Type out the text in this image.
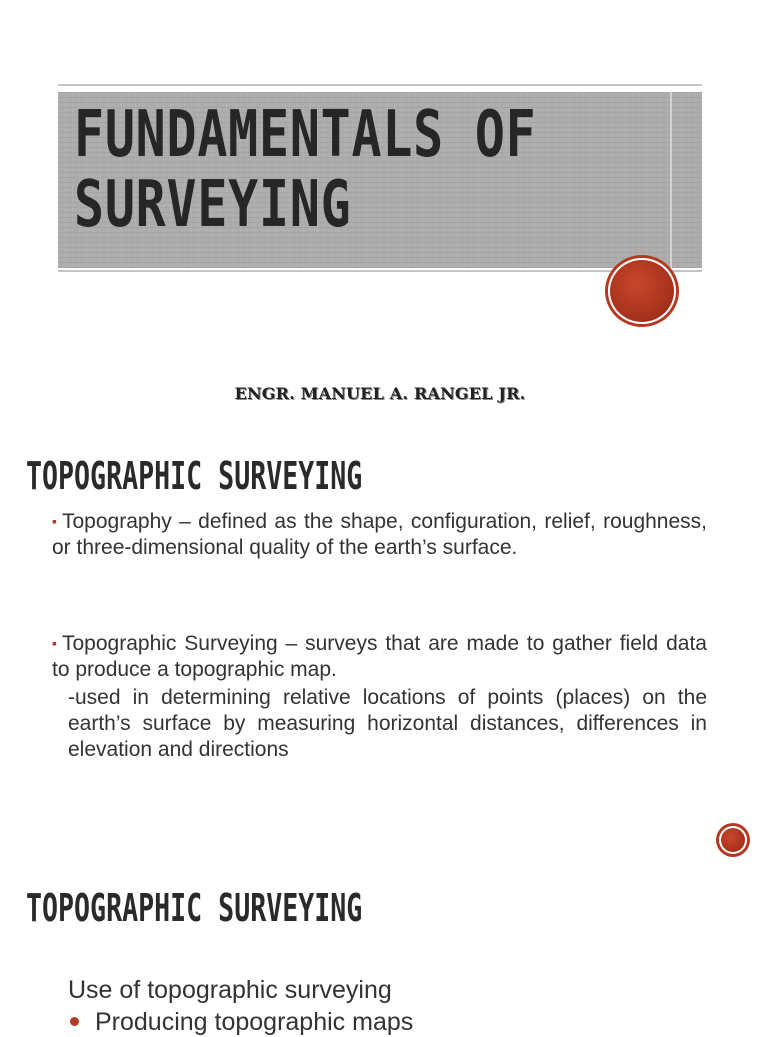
FUNDAMENTALS OF SURVEYING

ENGR. MANUEL A. RANGEL JR.

TOPOGRAPHIC SURVEYING
▪ Topography – defined as the shape, configuration, relief, roughness, or three-dimensional quality of the earth’s surface.
▪ Topographic Surveying – surveys that are made to gather field data to produce a topographic map.
-used in determining relative locations of points (places) on the earth’s surface by measuring horizontal distances, differences in elevation and directions
TOPOGRAPHIC SURVEYING
Use of topographic surveying
Producing topographic maps
